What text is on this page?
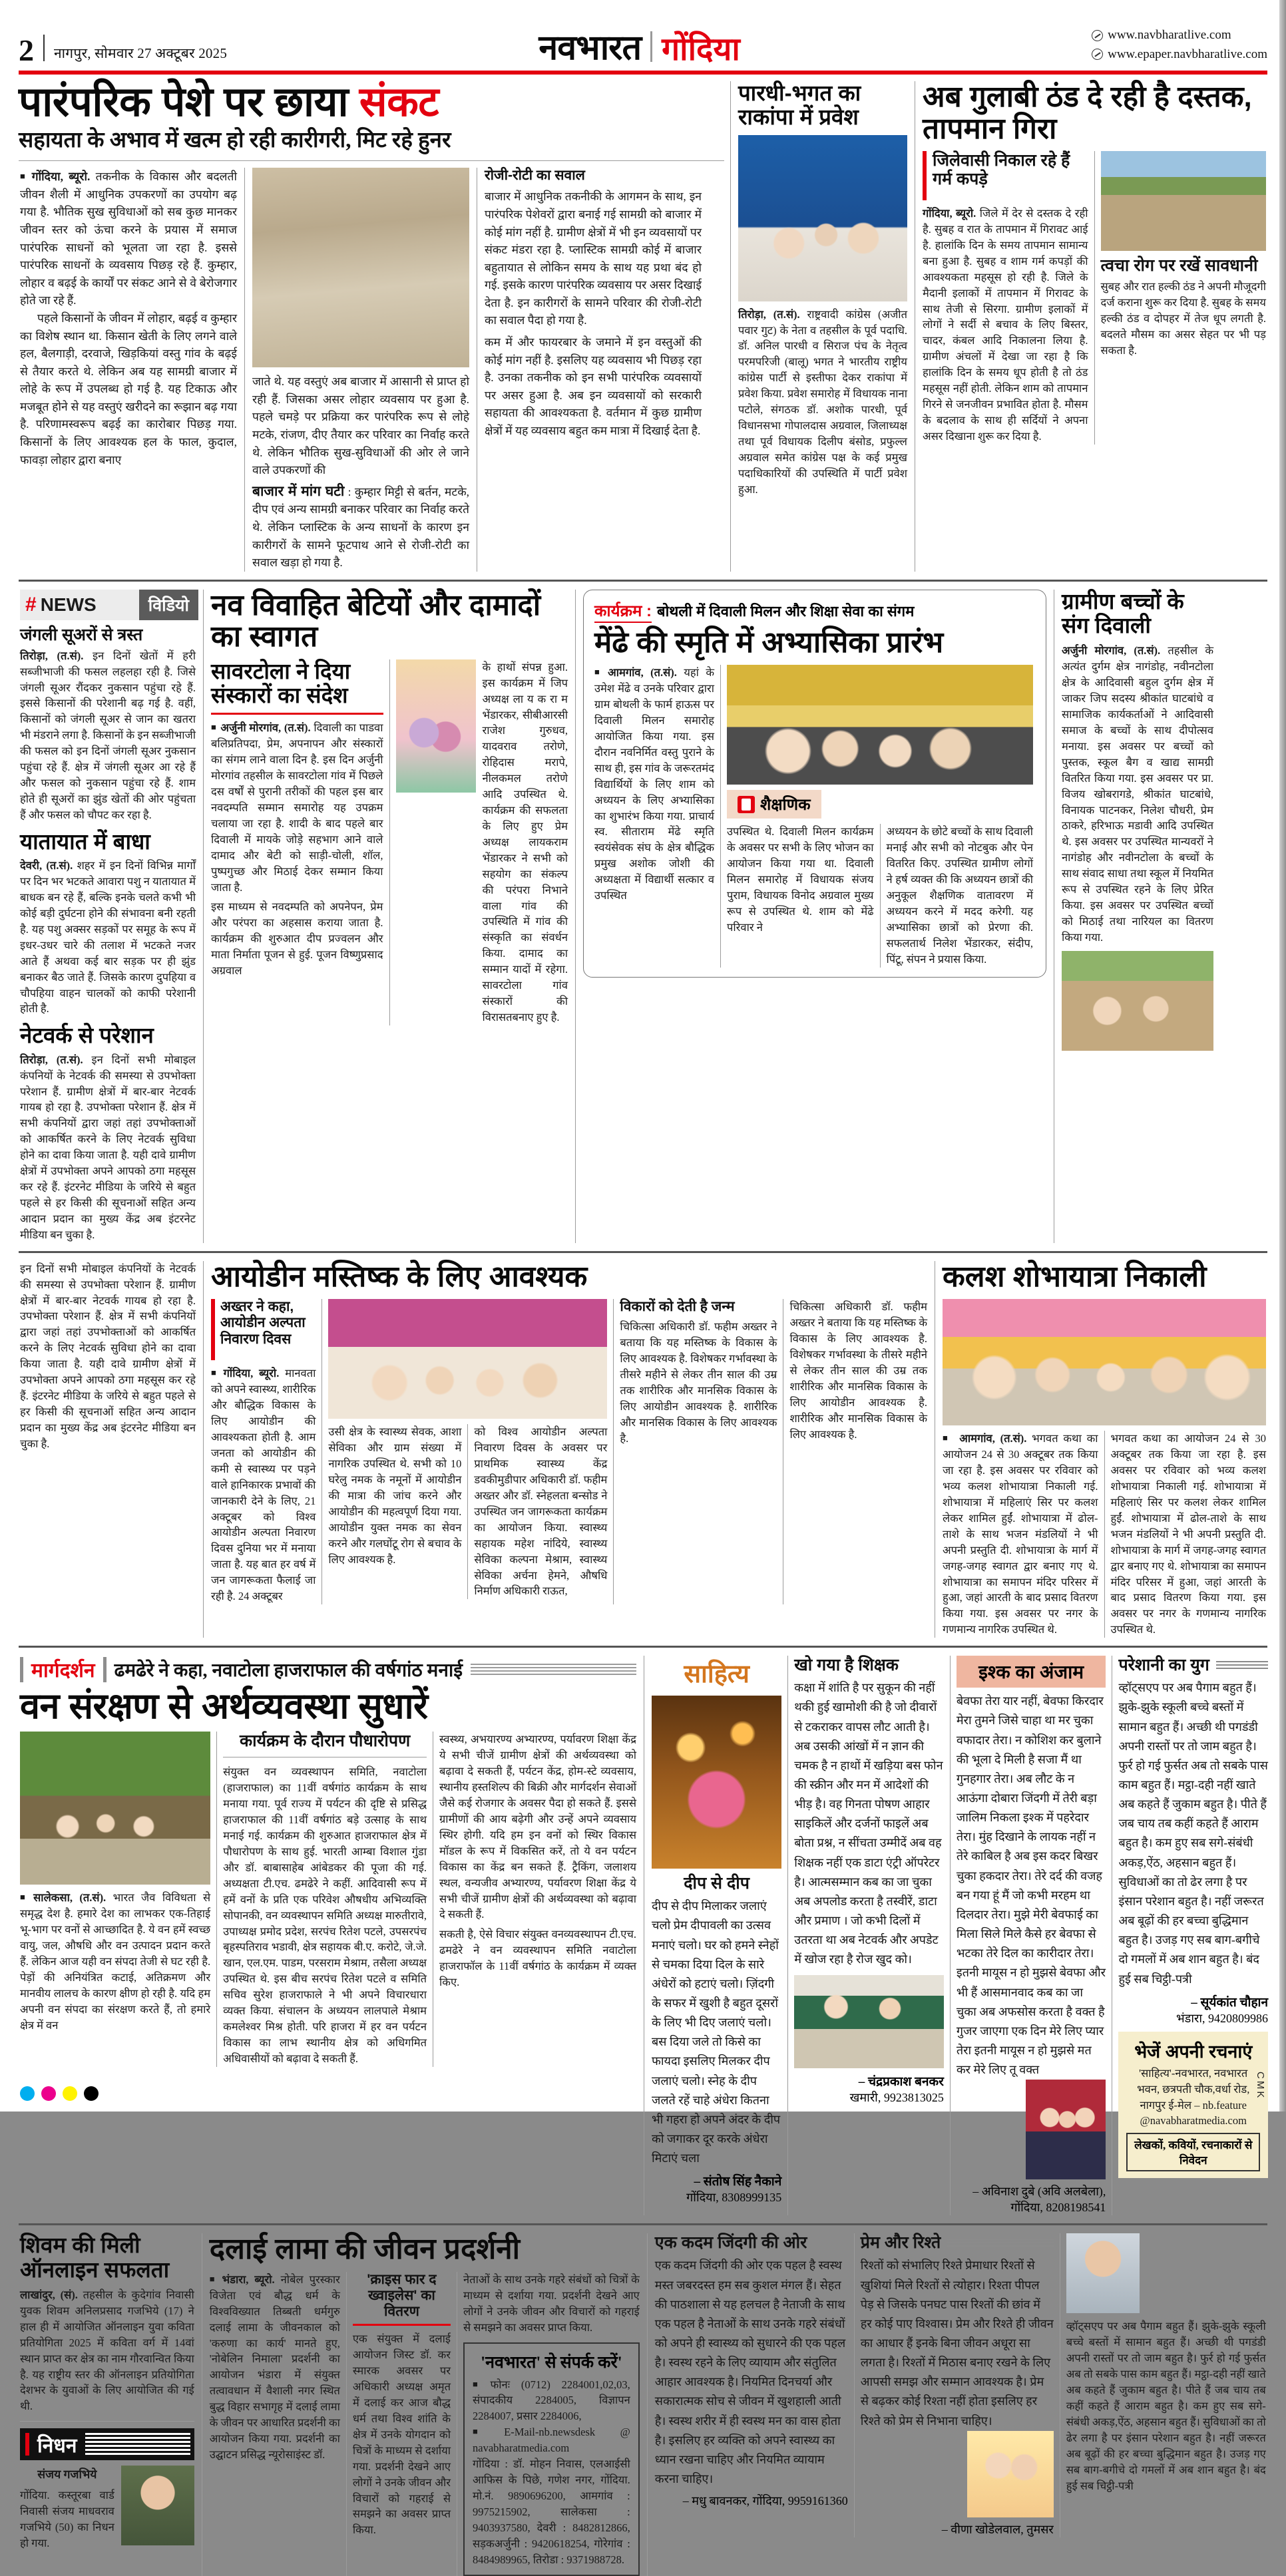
2 नागपुर, सोमवार 27 अक्टूबर 2025	नवभारत गोंदिया	www.navbharatlive.com
www.epaper.navbharatlive.com
पारंपरिक पेशे पर छाया संकट
सहायता के अभाव में खत्म हो रही कारीगरी, मिट रहे हुनर

■ गोंदिया, ब्यूरो. तकनीक के विकास और बदलती जीवन शैली में आधुनिक उपकरणों का उपयोग बढ़ गया है. भौतिक सुख सुविधाओं को सब कुछ मानकर जीवन स्तर को ऊंचा करने के प्रयास में समाज पारंपरिक साधनों को भूलता जा रहा है. इससे पारंपरिक साधनों के व्यवसाय पिछड़ रहे हैं. कुम्हार, लोहार व बढ़ई के कार्यों पर संकट आने से वे बेरोजगार होते जा रहे हैं.

पहले किसानों के जीवन में लोहार, बढ़ई व कुम्हार का विशेष स्थान था. किसान खेती के लिए लगने वाले हल, बैलगाड़ी, दरवाजे, खिड़कियां वस्तु गांव के बढ़ई से तैयार करते थे. लेकिन अब यह सामग्री बाजार में लोहे के रूप में उपलब्ध हो गई है. यह टिकाऊ और मजबूत होने से यह वस्तुएं खरीदने का रूझान बढ़ गया है. परिणामस्वरूप बढ़ई का कारोबार पिछड़ गया. किसानों के लिए आवश्यक हल के फाल, कुदाल, फावड़ा लोहार द्वारा बनाए

जाते थे. यह वस्तुएं अब बाजार में आसानी से प्राप्त हो रही हैं. जिसका असर लोहार व्यवसाय पर हुआ है. पहले चमड़े पर प्रक्रिया कर पारंपरिक रूप से लोहे मटके, रांजण, दीए तैयार कर परिवार का निर्वाह करते थे. लेकिन भौतिक सुख-सुविधाओं की ओर ले जाने वाले उपकरणों की

बाजार में मांग घटी : कुम्हार मिट्टी से बर्तन, मटके, दीप एवं अन्य सामग्री बनाकर परिवार का निर्वाह करते थे. लेकिन प्लास्टिक के अन्य साधनों के कारण इन कारीगरों के सामने फूटपाथ आने से रोजी-रोटी का सवाल खड़ा हो गया है.

रोजी-रोटी का सवाल

बाजार में आधुनिक तकनीकी के आगमन के साथ, इन पारंपरिक पेशेवरों द्वारा बनाई गई सामग्री को बाजार में कोई मांग नहीं है. ग्रामीण क्षेत्रों में भी इन व्यवसायों पर संकट मंडरा रहा है. प्लास्टिक सामग्री कोई में बाजार बहुतायात से लोकिन समय के साथ यह प्रथा बंद हो गई. इसके कारण पारंपरिक व्यवसाय पर असर दिखाई देता है. इन कारीगरों के सामने परिवार की रोजी-रोटी का सवाल पैदा हो गया है.

कम में और फायरबार के जमाने में इन वस्तुओं की कोई मांग नहीं है. इसलिए यह व्यवसाय भी पिछड़ रहा है. उनका तकनीक को इन सभी पारंपरिक व्यवसायों पर असर हुआ है. अब इन व्यवसायों को सरकारी सहायता की आवश्यकता है. वर्तमान में कुछ ग्रामीण क्षेत्रों में यह व्यवसाय बहुत कम मात्रा में दिखाई देता है.

पारधी-भगत का राकांपा में प्रवेश

तिरोड़ा, (त.सं). राष्ट्रवादी कांग्रेस (अजीत पवार गुट) के नेता व तहसील के पूर्व पदाधि. डॉ. अनिल पारधी व सिराज पंच के नेतृत्व परमपरिजी (बालू) भगत ने भारतीय राष्ट्रीय कांग्रेस पार्टी से इस्तीफा देकर राकांपा में प्रवेश किया. प्रवेश समारोह में विधायक नाना पटोले, संगठक डॉ. अशोक पारधी, पूर्व विधानसभा गोपालदास अग्रवाल, जिलाध्यक्ष तथा पूर्व विधायक दिलीप बंसोड, प्रफुल्ल अग्रवाल समेत कांग्रेस पक्ष के कई प्रमुख पदाधिकारियों की उपस्थिति में पार्टी प्रवेश हुआ.

अब गुलाबी ठंड दे रही है दस्तक, तापमान गिरा
जिलेवासी निकाल रहे हैं गर्म कपड़े

गोंदिया, ब्यूरो. जिले में देर से दस्तक दे रही है. सुबह व रात के तापमान में गिरावट आई है. हालांकि दिन के समय तापमान सामान्य बना हुआ है. सुबह व शाम गर्म कपड़ों की आवश्यकता महसूस हो रही है. जिले के मैदानी इलाकों में तापमान में गिरावट के साथ तेजी से सिरगा. ग्रामीण इलाकों में लोगों ने सर्दी से बचाव के लिए बिस्तर, चादर, कंबल आदि निकालना लिया है. ग्रामीण अंचलों में देखा जा रहा है कि हालांकि दिन के समय धूप होती है तो ठंड महसूस नहीं होती. लेकिन शाम को तापमान गिरने से जनजीवन प्रभावित होता है. मौसम के बदलाव के साथ ही सर्दियों ने अपना असर दिखाना शुरू कर दिया है.

त्वचा रोग पर रखें सावधानी

सुबह और रात हल्की ठंड ने अपनी मौजूदगी दर्ज कराना शुरू कर दिया है. सुबह के समय हल्की ठंड व दोपहर में तेज धूप लगती है. बदलते मौसम का असर सेहत पर भी पड़ सकता है.

# NEWS	विडियो
जंगली सूअरों से त्रस्त

तिरोड़ा, (त.सं). इन दिनों खेतों में हरी सब्जीभाजी की फसल लहलहा रही है. जिसे जंगली सूअर रौंदकर नुकसान पहुंचा रहे हैं. इससे किसानों की परेशानी बढ़ गई है. वहीं, किसानों को जंगली सूअर से जान का खतरा भी मंडराने लगा है. किसानों के इन सब्जीभाजी की फसल को इन दिनों जंगली सूअर नुकसान पहुंचा रहे हैं. क्षेत्र में जंगली सूअर आ रहे हैं और फसल को नुकसान पहुंचा रहे हैं. शाम होते ही सूअरों का झुंड खेतों की ओर पहुंचता हैं और फसल को चौपट कर रहा है.

यातायात में बाधा

देवरी, (त.सं). शहर में इन दिनों विभिन्न मार्गों पर दिन भर भटकते आवारा पशु न यातायात में बाधक बन रहे हैं, बल्कि इनके चलते कभी भी कोई बड़ी दुर्घटना होने की संभावना बनी रहती है. यह पशु अक्सर सड़कों पर समूह के रूप में इधर-उधर चारे की तलाश में भटकते नजर आते हैं अथवा कई बार सड़क पर ही झुंड बनाकर बैठ जाते हैं. जिसके कारण दुपहिया व चौपहिया वाहन चालकों को काफी परेशानी होती है.

नेटवर्क से परेशान

तिरोड़ा, (त.सं). इन दिनों सभी मोबाइल कंपनियों के नेटवर्क की समस्या से उपभोक्ता परेशान हैं. ग्रामीण क्षेत्रों में बार-बार नेटवर्क गायब हो रहा है. उपभोक्ता परेशान हैं. क्षेत्र में सभी कंपनियों द्वारा जहां तहां उपभोक्ताओं को आकर्षित करने के लिए नेटवर्क सुविधा होने का दावा किया जाता है. यही दावे ग्रामीण क्षेत्रों में उपभोक्ता अपने आपको ठगा महसूस कर रहे हैं. इंटरनेट मीडिया के जरिये से बहुत पहले से हर किसी की सूचनाओं सहित अन्य आदान प्रदान का मुख्य केंद्र अब इंटरनेट मीडिया बन चुका है.

नव विवाहित बेटियों और दामादों का स्वागत
सावरटोला ने दिया संस्कारों का संदेश

■ अर्जुनी मोरगांव, (त.सं). दिवाली का पाडवा बलिप्रतिपदा, प्रेम, अपनापन और संस्कारों का संगम लाने वाला दिन है. इस दिन अर्जुनी मोरगांव तहसील के सावरटोला गांव में पिछले दस वर्षों से पुरानी तरीकों की पहल इस बार नवदम्पति सम्मान समारोह यह उपक्रम चलाया जा रहा है. शादी के बाद पहले बार दिवाली में मायके जोड़े सहभाग आने वाले दामाद और बेटी को साड़ी-चोली, शॉल, पुष्पगुच्छ और मिठाई देकर सम्मान किया जाता है.

इस माध्यम से नवदम्पति को अपनेपन, प्रेम और परंपरा का अहसास कराया जाता है. कार्यक्रम की शुरुआत दीप प्रज्वलन और माता निर्माता पूजन से हुई. पूजन विष्णुप्रसाद अग्रवाल

के हाथों संपन्न हुआ. इस कार्यक्रम में जिप अध्यक्ष ला य क रा म भेंडारकर, सीबीआरसी राजेश गुरुधव, यादवराव तरोणे, रोहिदास मरापे, नीलकमल तरोणे आदि उपस्थित थे. कार्यक्रम की सफलता के लिए हुए प्रेम अध्यक्ष लायकराम भेंडारकर ने सभी को सहयोग का संकल्प की परंपरा निभाने वाला गांव की उपस्थिति में गांव की संस्कृति का संवर्धन किया. दामाद का सम्मान यादों में रहेगा. सावरटोला गांव संस्कारों की विरासतबनाए हुए है.

कार्यक्रम : बोथली में दिवाली मिलन और शिक्षा सेवा का संगम
मेंढे की स्मृति में अभ्यासिका प्रारंभ

■ आमगांव, (त.सं). यहां के उमेश मेंढे व उनके परिवार द्वारा ग्राम बोथली के फार्म हाऊस पर दिवाली मिलन समारोह आयोजित किया गया. इस दौरान नवनिर्मित वस्तु पुराने के साथ ही, इस गांव के जरूरतमंद विद्यार्थियों के लिए शाम को अध्ययन के लिए अभ्यासिका का शुभारंभ किया गया. प्राचार्य स्व. सीताराम मेंढे स्मृति स्वयंसेवक संघ के क्षेत्र बौद्धिक प्रमुख अशोक जोशी की अध्यक्षता में विद्यार्थी सत्कार व उपस्थित

शैक्षणिक

उपस्थित थे. दिवाली मिलन कार्यक्रम के अवसर पर सभी के लिए भोजन का आयोजन किया गया था. दिवाली मिलन समारोह में विधायक संजय पुराम, विधायक विनोद अग्रवाल मुख्य रूप से उपस्थित थे. शाम को मेंढे परिवार ने

अध्ययन के छोटे बच्चों के साथ दिवाली मनाई और सभी को नोटबुक और पेन वितरित किए. उपस्थित ग्रामीण लोगों ने हर्ष व्यक्त की कि अध्ययन छात्रों की अनुकूल शैक्षणिक वातावरण में अध्ययन करने में मदद करेगी. यह अभ्यासिका छात्रों को प्रेरणा की. सफलतार्थ निलेश भेंडारकर, संदीप, पिंटू, संपन ने प्रयास किया.

ग्रामीण बच्चों के संग दिवाली

अर्जुनी मोरगांव, (त.सं). तहसील के अत्यंत दुर्गम क्षेत्र नागंडोह, नवीनटोला क्षेत्र के आदिवासी बहुल दुर्गम क्षेत्र में जाकर जिप सदस्य श्रीकांत घाटबांधे व सामाजिक कार्यकर्ताओं ने आदिवासी समाज के बच्चों के साथ दीपोत्सव मनाया. इस अवसर पर बच्चों को पुस्तक, स्कूल बैग व खाद्य सामग्री वितरित किया गया. इस अवसर पर प्रा. विजय खोबरागडे, श्रीकांत घाटबांधे, विनायक पाटनकर, निलेश चौधरी, प्रेम ठाकरे, हरिभाऊ मडावी आदि उपस्थित थे. इस अवसर पर उपस्थित मान्यवरों ने नागंडोह और नवीनटोला के बच्चों के साथ संवाद साधा तथा स्कूल में नियमित रूप से उपस्थित रहने के लिए प्रेरित किया. इस अवसर पर उपस्थित बच्चों को मिठाई तथा नारियल का वितरण किया गया.

इन दिनों सभी मोबाइल कंपनियों के नेटवर्क की समस्या से उपभोक्ता परेशान हैं. ग्रामीण क्षेत्रों में बार-बार नेटवर्क गायब हो रहा है. उपभोक्ता परेशान हैं. क्षेत्र में सभी कंपनियों द्वारा जहां तहां उपभोक्ताओं को आकर्षित करने के लिए नेटवर्क सुविधा होने का दावा किया जाता है. यही दावे ग्रामीण क्षेत्रों में उपभोक्ता अपने आपको ठगा महसूस कर रहे हैं. इंटरनेट मीडिया के जरिये से बहुत पहले से हर किसी की सूचनाओं सहित अन्य आदान प्रदान का मुख्य केंद्र अब इंटरनेट मीडिया बन चुका है.

आयोडीन मस्तिष्क के लिए आवश्यक
अख्तर ने कहा, आयोडीन अल्पता निवारण दिवस

■ गोंदिया, ब्यूरो. मानवता को अपने स्वास्थ्य, शारीरिक और बौद्धिक विकास के लिए आयोडीन की आवश्यकता होती है. आम जनता को आयोडीन की कमी से स्वास्थ्य पर पड़ने वाले हानिकारक प्रभावों की जानकारी देने के लिए, 21 अक्टूबर को विश्व आयोडीन अल्पता निवारण दिवस दुनिया भर में मनाया जाता है. यह बात हर वर्ष में जन जागरूकता फैलाई जा रही है. 24 अक्टूबर

उसी क्षेत्र के स्वास्थ्य सेवक, आशा सेविका और ग्राम संख्या में नागरिक उपस्थित थे. सभी को 10 घरेलु नमक के नमूनों में आयोडीन की मात्रा की जांच करने और आयोडीन की महत्वपूर्ण दिया गया. आयोडीन युक्त नमक का सेवन करने और गलघोंटू रोग से बचाव के लिए आवश्यक है.

को विश्व आयोडीन अल्पता निवारण दिवस के अवसर पर प्राथमिक स्वास्थ्य केंद्र डवकीमुडीपार अधिकारी डॉ. फहीम अख्तर और डॉ. स्नेहलता बन्सोड ने उपस्थित जन जागरूकता कार्यक्रम का आयोजन किया. स्वास्थ्य सहायक महेश नांदिये, स्वास्थ्य सेविका कल्पना मेश्राम, स्वास्थ्य सेविका अर्चना हेमने, औषधि निर्माण अधिकारी राऊत,

विकारों को देती है जन्म

चिकित्सा अधिकारी डॉ. फहीम अख्तर ने बताया कि यह मस्तिष्क के विकास के लिए आवश्यक है. विशेषकर गर्भावस्था के तीसरे महीने से लेकर तीन साल की उम्र तक शारीरिक और मानसिक विकास के लिए आयोडीन आवश्यक है. शारीरिक और मानसिक विकास के लिए आवश्यक है.

चिकित्सा अधिकारी डॉ. फहीम अख्तर ने बताया कि यह मस्तिष्क के विकास के लिए आवश्यक है. विशेषकर गर्भावस्था के तीसरे महीने से लेकर तीन साल की उम्र तक शारीरिक और मानसिक विकास के लिए आयोडीन आवश्यक है. शारीरिक और मानसिक विकास के लिए आवश्यक है.

कलश शोभायात्रा निकाली

■ आमगांव, (त.सं). भगवत कथा का आयोजन 24 से 30 अक्टूबर तक किया जा रहा है. इस अवसर पर रविवार को भव्य कलश शोभायात्रा निकाली गई. शोभायात्रा में महिलाएं सिर पर कलश लेकर शामिल हुईं. शोभायात्रा में ढोल-ताशे के साथ भजन मंडलियों ने भी अपनी प्रस्तुति दी. शोभायात्रा के मार्ग में जगह-जगह स्वागत द्वार बनाए गए थे. शोभायात्रा का समापन मंदिर परिसर में हुआ, जहां आरती के बाद प्रसाद वितरण किया गया. इस अवसर पर नगर के गणमान्य नागरिक उपस्थित थे.

भगवत कथा का आयोजन 24 से 30 अक्टूबर तक किया जा रहा है. इस अवसर पर रविवार को भव्य कलश शोभायात्रा निकाली गई. शोभायात्रा में महिलाएं सिर पर कलश लेकर शामिल हुईं. शोभायात्रा में ढोल-ताशे के साथ भजन मंडलियों ने भी अपनी प्रस्तुति दी. शोभायात्रा के मार्ग में जगह-जगह स्वागत द्वार बनाए गए थे. शोभायात्रा का समापन मंदिर परिसर में हुआ, जहां आरती के बाद प्रसाद वितरण किया गया. इस अवसर पर नगर के गणमान्य नागरिक उपस्थित थे.

मार्गदर्शन ढमढेरे ने कहा, नवाटोला हाजराफाल की वर्षगांठ मनाई
वन संरक्षण से अर्थव्यवस्था सुधारें

■ सालेकसा, (त.सं). भारत जैव विविधता से समृद्ध देश है. हमारे देश का लाभकर एक-तिहाई भू-भाग पर वनों से आच्छादित है. ये वन हमें स्वच्छ वायु, जल, औषधि और वन उत्पादन प्रदान करते हैं. लेकिन आज यही वन संपदा तेजी से घट रही है. पेड़ों की अनियंत्रित कटाई, अतिक्रमण और मानवीय लालच के कारण क्षीण हो रही है. यदि हम अपनी वन संपदा का संरक्षण करते हैं, तो हमारे क्षेत्र में वन

कार्यक्रम के दौरान पौधारोपण

संयुक्त वन व्यवस्थापन समिति, नवाटोला (हाजराफाल) का 11वीं वर्षगांठ कार्यक्रम के साथ मनाया गया. पूर्व राज्य में पर्यटन की दृष्टि से प्रसिद्ध हाजराफाल की 11वीं वर्षगांठ बड़े उत्साह के साथ मनाई गई. कार्यक्रम की शुरुआत हाजराफाल क्षेत्र में पौधारोपण के साथ हुई. भारती आम्बा विशाल गुंडा और डॉ. बाबासाहेब आंबेडकर की पूजा की गई. अध्यक्षता टी.एच. ढमढेरे ने कहीं. आदिवासी रूप में हमें वनों के प्रति एक परिवेश औषधीय अभिव्यक्ति सोपानकी, वन व्यवस्थापन समिति अध्यक्ष मारुतीरावे, उपाध्यक्ष प्रमोद प्रदेश, सरपंच रितेश पटले, उपसरपंच बृहस्पतिराव भडावी, क्षेत्र सहायक बी.ए. करोटे, जे.जे. खान, एल.एम. पाडम, परसराम मेश्राम, तसैला अध्यक्ष उपस्थित थे. इस बीच सरपंच रितेश पटले व समिति सचिव सुरेश हाजराफाले ने भी अपने विचारधारा व्यक्त किया. संचालन के अध्ययन लालपाले मेश्राम कमलेश्वर मिश्र होती. परि हाजरा में हर वन पर्यटन विकास का लाभ स्थानीय क्षेत्र को अधिगमित अधिवासीयों को बढ़ावा दे सकती हैं.

स्वस्थ्य, अभयारण्य अभ्यारण्य, पर्यावरण शिक्षा केंद्र ये सभी चीजें ग्रामीण क्षेत्रों की अर्थव्यवस्था को बढ़ावा दे सकती हैं, पर्यटन केंद्र, होम-स्टे व्यवसाय, स्थानीय हस्तशिल्प की बिक्री और मार्गदर्शन सेवाओं जैसे कई रोजगार के अवसर पैदा हो सकते हैं. इससे ग्रामीणों की आय बढ़ेगी और उन्हें अपने व्यवसाय स्थिर होगी. यदि हम इन वनों को स्थिर विकास मॉडल के रूप में विकसित करें, तो ये वन पर्यटन विकास का केंद्र बन सकते हैं. ट्रैकिंग, जलाशय स्थल, वन्यजीव अभ्यारण्य, पर्यावरण शिक्षा केंद्र ये सभी चीजें ग्रामीण क्षेत्रों की अर्थव्यवस्था को बढ़ावा दे सकती हैं.

सकती है, ऐसे विचार संयुक्त वनव्यवस्थापन टी.एच. ढमढेरे ने वन व्यवस्थापन समिति नवाटोला हाजराफॉल के 11वीं वर्षगांठ के कार्यक्रम में व्यक्त किए.

साहित्य
दीप से दीप

दीप से दीप मिलाकर जलाएं चलो प्रेम दीपावली का उत्सव मनाएं चलो। घर को हमने स्नेहों से चमका दिया दिल के सारे अंधेरों को हटाएं चलो। ज़िंदगी के सफर में खुशी है बहुत दूसरों के लिए भी दिए जलाएं चलो। बस दिया जले तो किसे का फायदा इसलिए मिलकर दीप जलाएं चलो। स्नेह के दीप जलते रहें चाहे अंधेरा कितना भी गहरा हो अपने अंदर के दीप को जगाकर दूर करके अंधेरा मिटाएं चला

– संतोष सिंह नैकाने
गोंदिया, 8308999135
खो गया है शिक्षक

कक्षा में शांति है पर सुकून की नहीं थकी हुई खामोशी की है जो दीवारों से टकराकर वापस लौट आती है। अब उसकी आंखों में न ज्ञान की चमक है न हाथों में खड़िया बस फोन की स्क्रीन और मन में आदेशों की भीड़ है। वह गिनता पोषण आहार साइकिलें और दर्जनों फाइलें अब बोता प्रश्न, न सींचता उम्मीदें अब वह शिक्षक नहीं एक डाटा एंट्री ऑपरेटर है। आत्मसम्मान कब का जा चुका अब अपलोड करता है तस्वीरें, डाटा और प्रमाण । जो कभी दिलों में उतरता था अब नेटवर्क और अपडेट में खोज रहा है रोज खुद को।

– चंद्रप्रकाश बनकर
खमारी, 9923813025
इश्क का अंजाम

बेवफा तेरा यार नहीं, बेवफा किरदार मेरा तुमने जिसे चाहा था मर चुका वफादार तेरा। न कोशिश कर बुलाने की भूला दे मिली है सजा मैं था गुनहगार तेरा। अब लौट के न आऊंगा दोबारा जिंदगी में तेरी बड़ा जालिम निकला इश्क में पहरेदार तेरा। मुंह दिखाने के लायक नहीं न तेरे काबिल है अब इस कदर बिखर चुका हकदार तेरा। तेरे दर्द की वजह बन गया हूं मैं जो कभी मरहम था दिलदार तेरा। मुझे मेरी बेवफाई का मिला सिले मिले कैसे हर बेवफा से भटका तेरे दिल का कारीदार तेरा। इतनी मायूस न हो मुझसे बेवफा और भी हैं आसमानवाद कब का जा चुका अब अफसोस करता है वक्त है गुजर जाएगा एक दिन मेरे लिए प्यार तेरा इतनी मायूस न हो मुझसे मत कर मेरे लिए तू वक्त

– अविनाश दुबे (अवि अलबेला), गोंदिया, 8208198541
परेशानी का युग

व्हॉट्सएप पर अब पैगाम बहुत हैं। झुके-झुके स्कूली बच्चे बस्तों में सामान बहुत हैं। अच्छी थी पगडंडी अपनी रास्तों पर तो जाम बहुत है। फुर्र हो गई फुर्सत अब तो सबके पास काम बहुत हैं। मट्ठा-दही नहीं खाते अब कहते हैं जुकाम बहुत है। पीते हैं जब चाय तब कहीं कहते हैं आराम बहुत है। कम हुए सब सगे-संबंधी अकड़,ऐंठ, अहसान बहुत हैं। सुविधाओं का तो ढेर लगा है पर इंसान परेशान बहुत है। नहीं जरूरत अब बूढ़ों की हर बच्चा बुद्धिमान बहुत है। उजड़ गए सब बाग-बगीचे दो गमलों में अब शान बहुत है। बंद हुई सब चिट्ठी-पत्री

– सूर्यकांत चौहान
भंडारा, 9420809986
भेजें अपनी रचनाएं
'साहित्य'-नवभारत, नवभारत भवन, छत्रपती चौक,वर्धा रोड, नागपुर ई-मेल – nb.feature @navabharatmedia.com
लेखकों, कवियों, रचनाकारों से निवेदन
शिवम की मिली ऑनलाइन सफलता

लाखांदुर, (सं). तहसील के कुदेगांव निवासी युवक शिवम अनिलप्रसाद गजभिये (17) ने हाल ही में आयोजित ऑनलाइन युवा कविता प्रतियोगिता 2025 में कविता वर्ग में 14वां स्थान प्राप्त कर क्षेत्र का नाम गौरवान्वित किया है. यह राष्ट्रीय स्तर की ऑनलाइन प्रतियोगिता देशभर के युवाओं के लिए आयोजित की गई थी.

निधन
संजय गजभिये

गोंदिया. कस्तूरबा वार्ड निवासी संजय माधवराव गजभिये (50) का निधन हो गया.

दलाई लामा की जीवन प्रदर्शनी

■ भंडारा, ब्यूरो. नोबेल पुरस्कार विजेता एवं बौद्ध धर्म के विश्वविख्यात तिब्बती धर्मगुरु दलाई लामा के जीवनकाल को 'करुणा का कार्य' मानते हुए, 'नोबेलिन निमाला' प्रदर्शनी का आयोजन भंडारा में संयुक्त तत्वावधान में वैशाली नगर स्थित बुद्ध विहार सभागृह में दलाई लामा के जीवन पर आधारित प्रदर्शनी का आयोजन किया गया. प्रदर्शनी का उद्घाटन प्रसिद्ध न्यूरोसाइंस्ट डॉ.

'क्राइस फार द ख्वाइलेस' का वितरण

एक संयुक्त में दलाई आयोजन जिस्ट डॉ. कर स्मारक अवसर पर अधिकारी अध्यक्ष अमृत में दलाई कर आज बौद्ध धर्म तथा विश्व शांति के क्षेत्र में उनके योगदान को चित्रों के माध्यम से दर्शाया गया. प्रदर्शनी देखने आए लोगों ने उनके जीवन और विचारों को गहराई से समझने का अवसर प्राप्त किया.

नेताओं के साथ उनके गहरे संबंधों को चित्रों के माध्यम से दर्शाया गया. प्रदर्शनी देखने आए लोगों ने उनके जीवन और विचारों को गहराई से समझने का अवसर प्राप्त किया.

'नवभारत' से संपर्क करें'

■ फोनः (0712) 2284001,02,03, संपादकीय 2284005, विज्ञापन 2284007, प्रसार 2284006,

■ E-Mail-nb.newsdesk @ navabharatmedia.com

गोंदिया : डॉ. मोहन निवास, एलआईसी आफिस के पिछे, गणेश नगर, गोंदिया. मो.नं. 9890696200, आमगांव : 9975215902, सालेकसा : 9403937580, देवरी : 8482812866, सड़कअर्जुनी : 9420618254, गोरेगांव : 8484989965, तिरोडा : 9371988728.

एक कदम जिंदगी की ओर

एक कदम जिंदगी की ओर एक पहल है स्वस्थ मस्त जबरदस्त हम सब कुशल मंगल हैं। सेहत की पाठशाला से यह हलचल है नेताजी के साथ एक पहल है नेताओं के साथ उनके गहरे संबंधों को अपने ही स्वास्थ्य को सुधारने की एक पहल है। स्वस्थ रहने के लिए व्यायाम और संतुलित आहार आवश्यक है। नियमित दिनचर्या और सकारात्मक सोच से जीवन में खुशहाली आती है। स्वस्थ शरीर में ही स्वस्थ मन का वास होता है। इसलिए हर व्यक्ति को अपने स्वास्थ्य का ध्यान रखना चाहिए और नियमित व्यायाम करना चाहिए।

– मधु बावनकर, गोंदिया, 9959161360
प्रेम और रिश्ते

रिश्तों को संभालिए रिश्ते प्रेमाधार रिश्तों से खुशियां मिले रिश्तों से त्योहार। रिश्ता पीपल पेड़ से जिसके पनघट पास रिश्तों की छांव में हर कोई पाए विश्वास। प्रेम और रिश्ते ही जीवन का आधार हैं इनके बिना जीवन अधूरा सा लगता है। रिश्तों में मिठास बनाए रखने के लिए आपसी समझ और सम्मान आवश्यक है। प्रेम से बढ़कर कोई रिश्ता नहीं होता इसलिए हर रिश्ते को प्रेम से निभाना चाहिए।

– वीणा खोडेलवाल, तुमसर

व्हॉट्सएप पर अब पैगाम बहुत हैं। झुके-झुके स्कूली बच्चे बस्तों में सामान बहुत हैं। अच्छी थी पगडंडी अपनी रास्तों पर तो जाम बहुत है। फुर्र हो गई फुर्सत अब तो सबके पास काम बहुत हैं। मट्ठा-दही नहीं खाते अब कहते हैं जुकाम बहुत है। पीते हैं जब चाय तब कहीं कहते हैं आराम बहुत है। कम हुए सब सगे-संबंधी अकड़,ऐंठ, अहसान बहुत हैं। सुविधाओं का तो ढेर लगा है पर इंसान परेशान बहुत है। नहीं जरूरत अब बूढ़ों की हर बच्चा बुद्धिमान बहुत है। उजड़ गए सब बाग-बगीचे दो गमलों में अब शान बहुत है। बंद हुई सब चिट्ठी-पत्री

CMK
